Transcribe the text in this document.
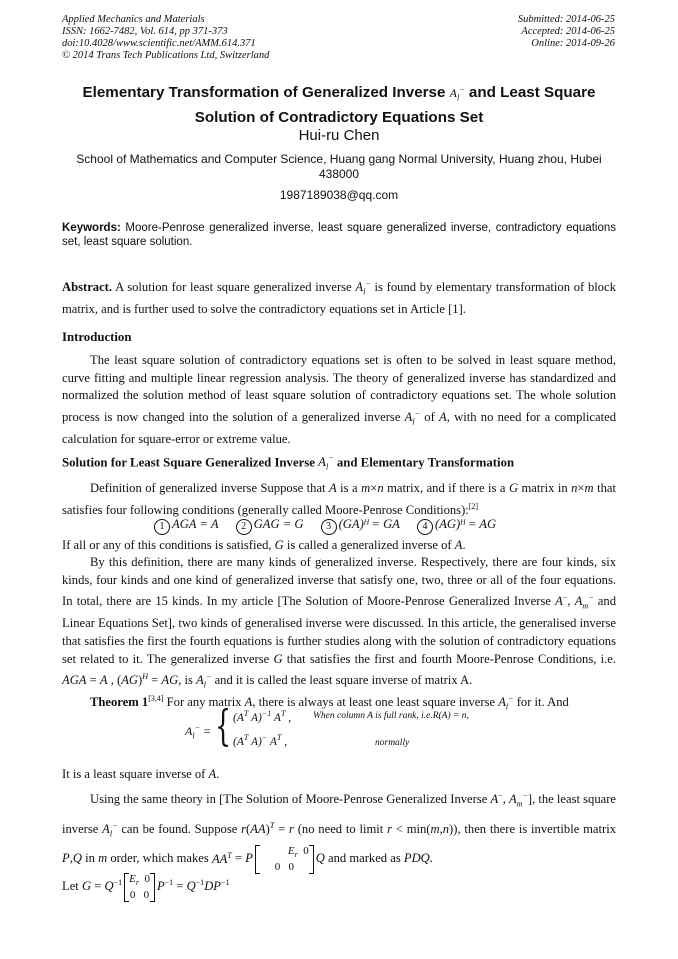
Applied Mechanics and Materials
ISSN: 1662-7482, Vol. 614, pp 371-373
doi:10.4028/www.scientific.net/AMM.614.371
© 2014 Trans Tech Publications Ltd, Switzerland
Submitted: 2014-06-25
Accepted: 2014-06-25
Online: 2014-09-26
Elementary Transformation of Generalized Inverse $A_l^-$ and Least Square
Solution of Contradictory Equations Set
Hui-ru Chen
School of Mathematics and Computer Science, Huang gang Normal University, Huang zhou, Hubei 438000
1987189038@qq.com
Keywords: Moore-Penrose generalized inverse, least square generalized inverse, contradictory equations set, least square solution.
Abstract. A solution for least square generalized inverse $A_l^-$ is found by elementary transformation of block matrix, and is further used to solve the contradictory equations set in Article [1].
Introduction
The least square solution of contradictory equations set is often to be solved in least square method, curve fitting and multiple linear regression analysis. The theory of generalized inverse has standardized and normalized the solution method of least square solution of contradictory equations set. The whole solution process is now changed into the solution of a generalized inverse $A_l^-$ of A, with no need for a complicated calculation for square-error or extreme value.
Solution for Least Square Generalized Inverse $A_l^-$ and Elementary Transformation
Definition of generalized inverse Suppose that A is a m×n matrix, and if there is a G matrix in n×m that satisfies four following conditions (generally called Moore-Penrose Conditions):[2]
1 AGA = A 2 GAG = G 3 (GA)ᴴ = GA 4 (AG)ᴴ = AG
If all or any of this conditions is satisfied, G is called a generalized inverse of A.
By this definition, there are many kinds of generalized inverse. Respectively, there are four kinds, six kinds, four kinds and one kind of generalized inverse that satisfy one, two, three or all of the four equations. In total, there are 15 kinds. In my article [The Solution of Moore-Penrose Generalized Inverse A−, $A_m^-$ and Linear Equations Set], two kinds of generalised inverse were discussed. In this article, the generalised inverse that satisfies the first the fourth equations is further studies along with the solution of contradictory equations set related to it. The generalized inverse G that satisfies the first and fourth Moore-Penrose Conditions, i.e. AGA = A , (AG)$^H$ = AG, is $A_l^-$ and it is called the least square inverse of matrix A.
Theorem 1[3,4] For any matrix A, there is always at least one least square inverse $A_l^-$ for it. And
$A_l^-$ = { ($A^T$ A)$^{-1}$ $A^T$ , When column A is full rank, i.e.R(A) = n,
($A^T$ A)− $A^T$ ,	normally
It is a least square inverse of A.
Using the same theory in [The Solution of Moore-Penrose Generalized Inverse A−, $A_m^-$], the least square inverse $A_l^-$ can be found. Suppose r(AA)$^T$ = r (no need to limit r < min(m,n)), then there is invertible matrix P,Q in m order, which makes $AA^T = PE_r$  0
0   0Q and marked as PDQ.
Let $G = Q^{-1}$ $E_r$  0
0   $0P^{-1} = Q^{-1}DP^{-1}$
